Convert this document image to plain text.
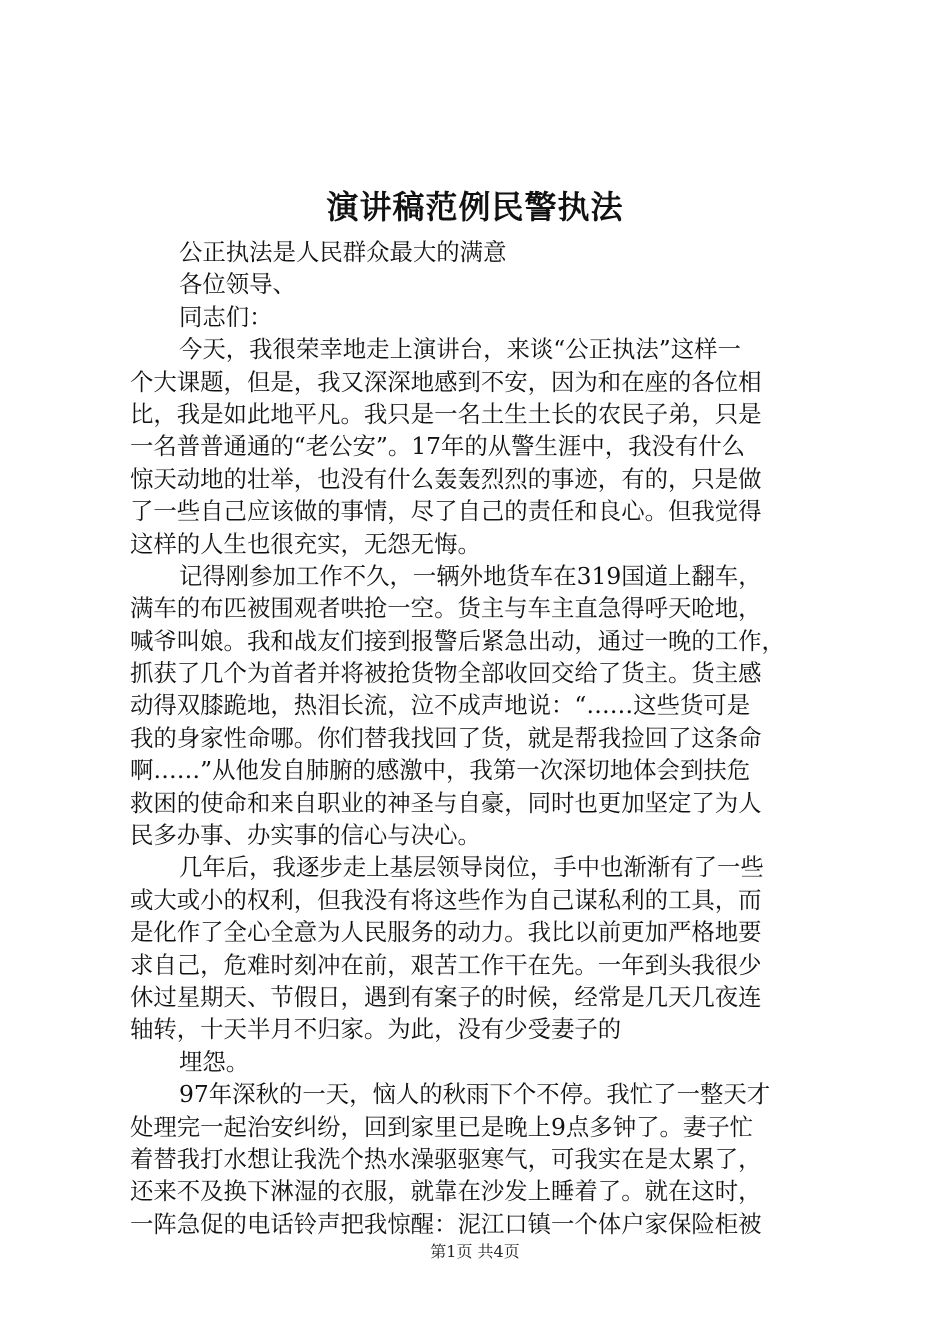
演讲稿范例民警执法
公正执法是人民群众最大的满意
各位领导、
同志们：
今天，我很荣幸地走上演讲台，来谈“公正执法”这样一
个大课题，但是，我又深深地感到不安，因为和在座的各位相
比，我是如此地平凡。我只是一名土生土长的农民子弟，只是
一名普普通通的“老公安”。17年的从警生涯中，我没有什么
惊天动地的壮举，也没有什么轰轰烈烈的事迹，有的，只是做
了一些自己应该做的事情，尽了自己的责任和良心。但我觉得
这样的人生也很充实，无怨无悔。
记得刚参加工作不久，一辆外地货车在319国道上翻车，
满车的布匹被围观者哄抢一空。货主与车主直急得呼天呛地，
喊爷叫娘。我和战友们接到报警后紧急出动，通过一晚的工作，
抓获了几个为首者并将被抢货物全部收回交给了货主。货主感
动得双膝跪地，热泪长流，泣不成声地说：“……这些货可是
我的身家性命哪。你们替我找回了货，就是帮我捡回了这条命
啊……”从他发自肺腑的感激中，我第一次深切地体会到扶危
救困的使命和来自职业的神圣与自豪，同时也更加坚定了为人
民多办事、办实事的信心与决心。
几年后，我逐步走上基层领导岗位，手中也渐渐有了一些
或大或小的权利，但我没有将这些作为自己谋私利的工具，而
是化作了全心全意为人民服务的动力。我比以前更加严格地要
求自己，危难时刻冲在前，艰苦工作干在先。一年到头我很少
休过星期天、节假日，遇到有案子的时候，经常是几天几夜连
轴转，十天半月不归家。为此，没有少受妻子的
埋怨。
97年深秋的一天，恼人的秋雨下个不停。我忙了一整天才
处理完一起治安纠纷，回到家里已是晚上9点多钟了。妻子忙
着替我打水想让我洗个热水澡驱驱寒气，可我实在是太累了，
还来不及换下淋湿的衣服，就靠在沙发上睡着了。就在这时，
一阵急促的电话铃声把我惊醒：泥江口镇一个体户家保险柜被
第1页 共4页
